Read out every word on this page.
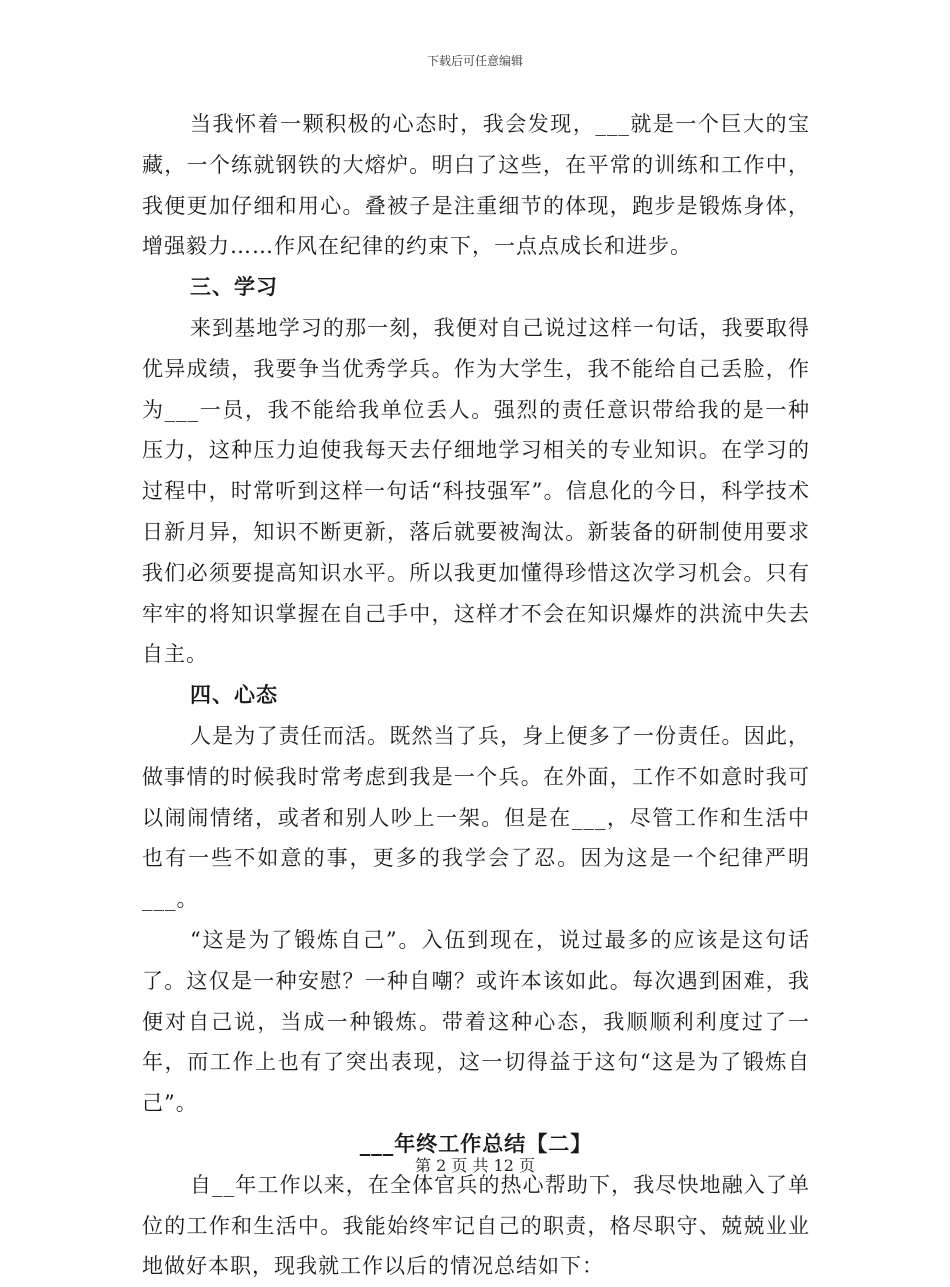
下载后可任意编辑

当我怀着一颗积极的心态时，我会发现，___就是一个巨大的宝藏，一个练就钢铁的大熔炉。明白了这些，在平常的训练和工作中，我便更加仔细和用心。叠被子是注重细节的体现，跑步是锻炼身体，增强毅力……作风在纪律的约束下，一点点成长和进步。

三、学习

来到基地学习的那一刻，我便对自己说过这样一句话，我要取得优异成绩，我要争当优秀学兵。作为大学生，我不能给自己丢脸，作为___一员，我不能给我单位丢人。强烈的责任意识带给我的是一种压力，这种压力迫使我每天去仔细地学习相关的专业知识。在学习的过程中，时常听到这样一句话“科技强军”。信息化的今日，科学技术日新月异，知识不断更新，落后就要被淘汰。新装备的研制使用要求我们必须要提高知识水平。所以我更加懂得珍惜这次学习机会。只有牢牢的将知识掌握在自己手中，这样才不会在知识爆炸的洪流中失去自主。

四、心态

人是为了责任而活。既然当了兵，身上便多了一份责任。因此，做事情的时候我时常考虑到我是一个兵。在外面，工作不如意时我可以闹闹情绪，或者和别人吵上一架。但是在___，尽管工作和生活中也有一些不如意的事，更多的我学会了忍。因为这是一个纪律严明___。

“这是为了锻炼自己”。入伍到现在，说过最多的应该是这句话了。这仅是一种安慰？一种自嘲？或许本该如此。每次遇到困难，我便对自己说，当成一种锻炼。带着这种心态，我顺顺利利度过了一年，而工作上也有了突出表现，这一切得益于这句“这是为了锻炼自己”。

___年终工作总结【二】

自__年工作以来，在全体官兵的热心帮助下，我尽快地融入了单位的工作和生活中。我能始终牢记自己的职责，格尽职守、兢兢业业地做好本职，现我就工作以后的情况总结如下：

第 2 页 共 12 页
